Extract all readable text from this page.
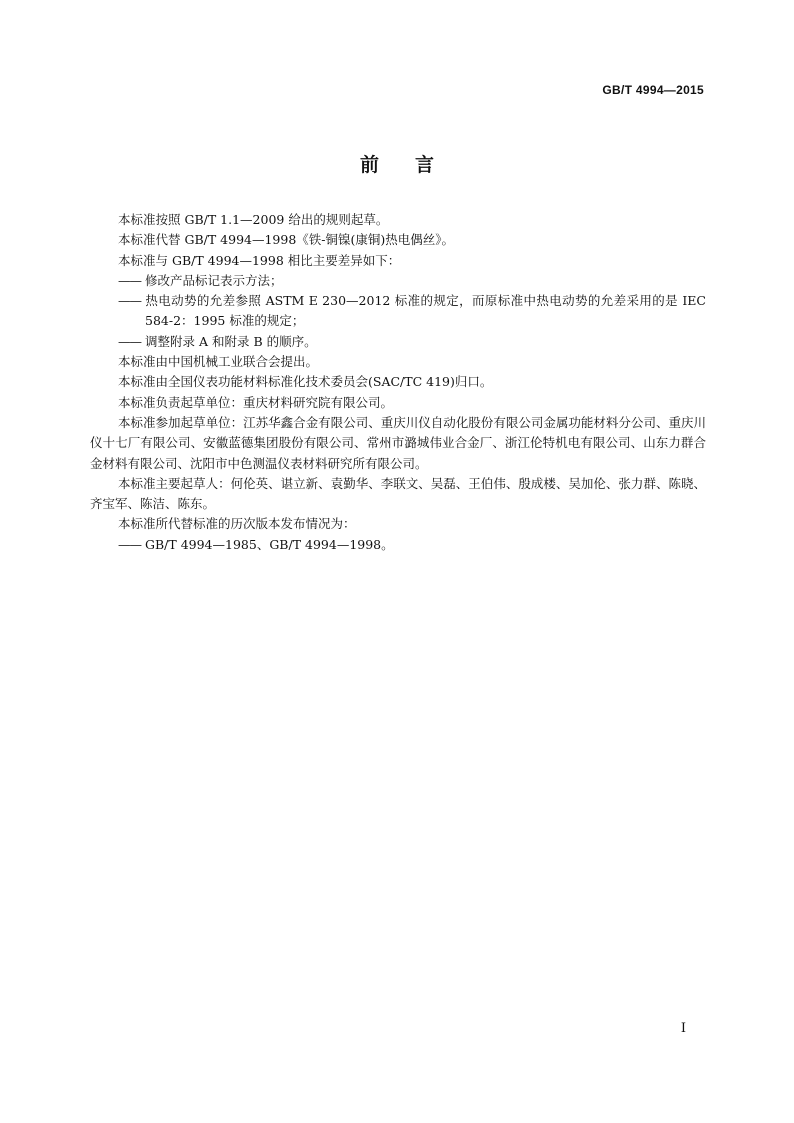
GB/T 4994—2015
前言

本标准按照 GB/T 1.1—2009 给出的规则起草。

本标准代替 GB/T 4994—1998《铁-铜镍(康铜)热电偶丝》。

本标准与 GB/T 4994—1998 相比主要差异如下：

—— 修改产品标记表示方法；

—— 热电动势的允差参照 ASTM E 230—2012 标准的规定，而原标准中热电动势的允差采用的是 IEC 584-2：1995 标准的规定；

—— 调整附录 A 和附录 B 的顺序。

本标准由中国机械工业联合会提出。

本标准由全国仪表功能材料标准化技术委员会(SAC/TC 419)归口。

本标准负责起草单位：重庆材料研究院有限公司。

本标准参加起草单位：江苏华鑫合金有限公司、重庆川仪自动化股份有限公司金属功能材料分公司、重庆川仪十七厂有限公司、安徽蓝德集团股份有限公司、常州市潞城伟业合金厂、浙江伦特机电有限公司、山东力群合金材料有限公司、沈阳市中色测温仪表材料研究所有限公司。

本标准主要起草人：何伦英、谌立新、袁勤华、李联文、吴磊、王伯伟、殷成楼、吴加伦、张力群、陈晓、齐宝军、陈洁、陈东。

本标准所代替标准的历次版本发布情况为：

—— GB/T 4994—1985、GB/T 4994—1998。

I
